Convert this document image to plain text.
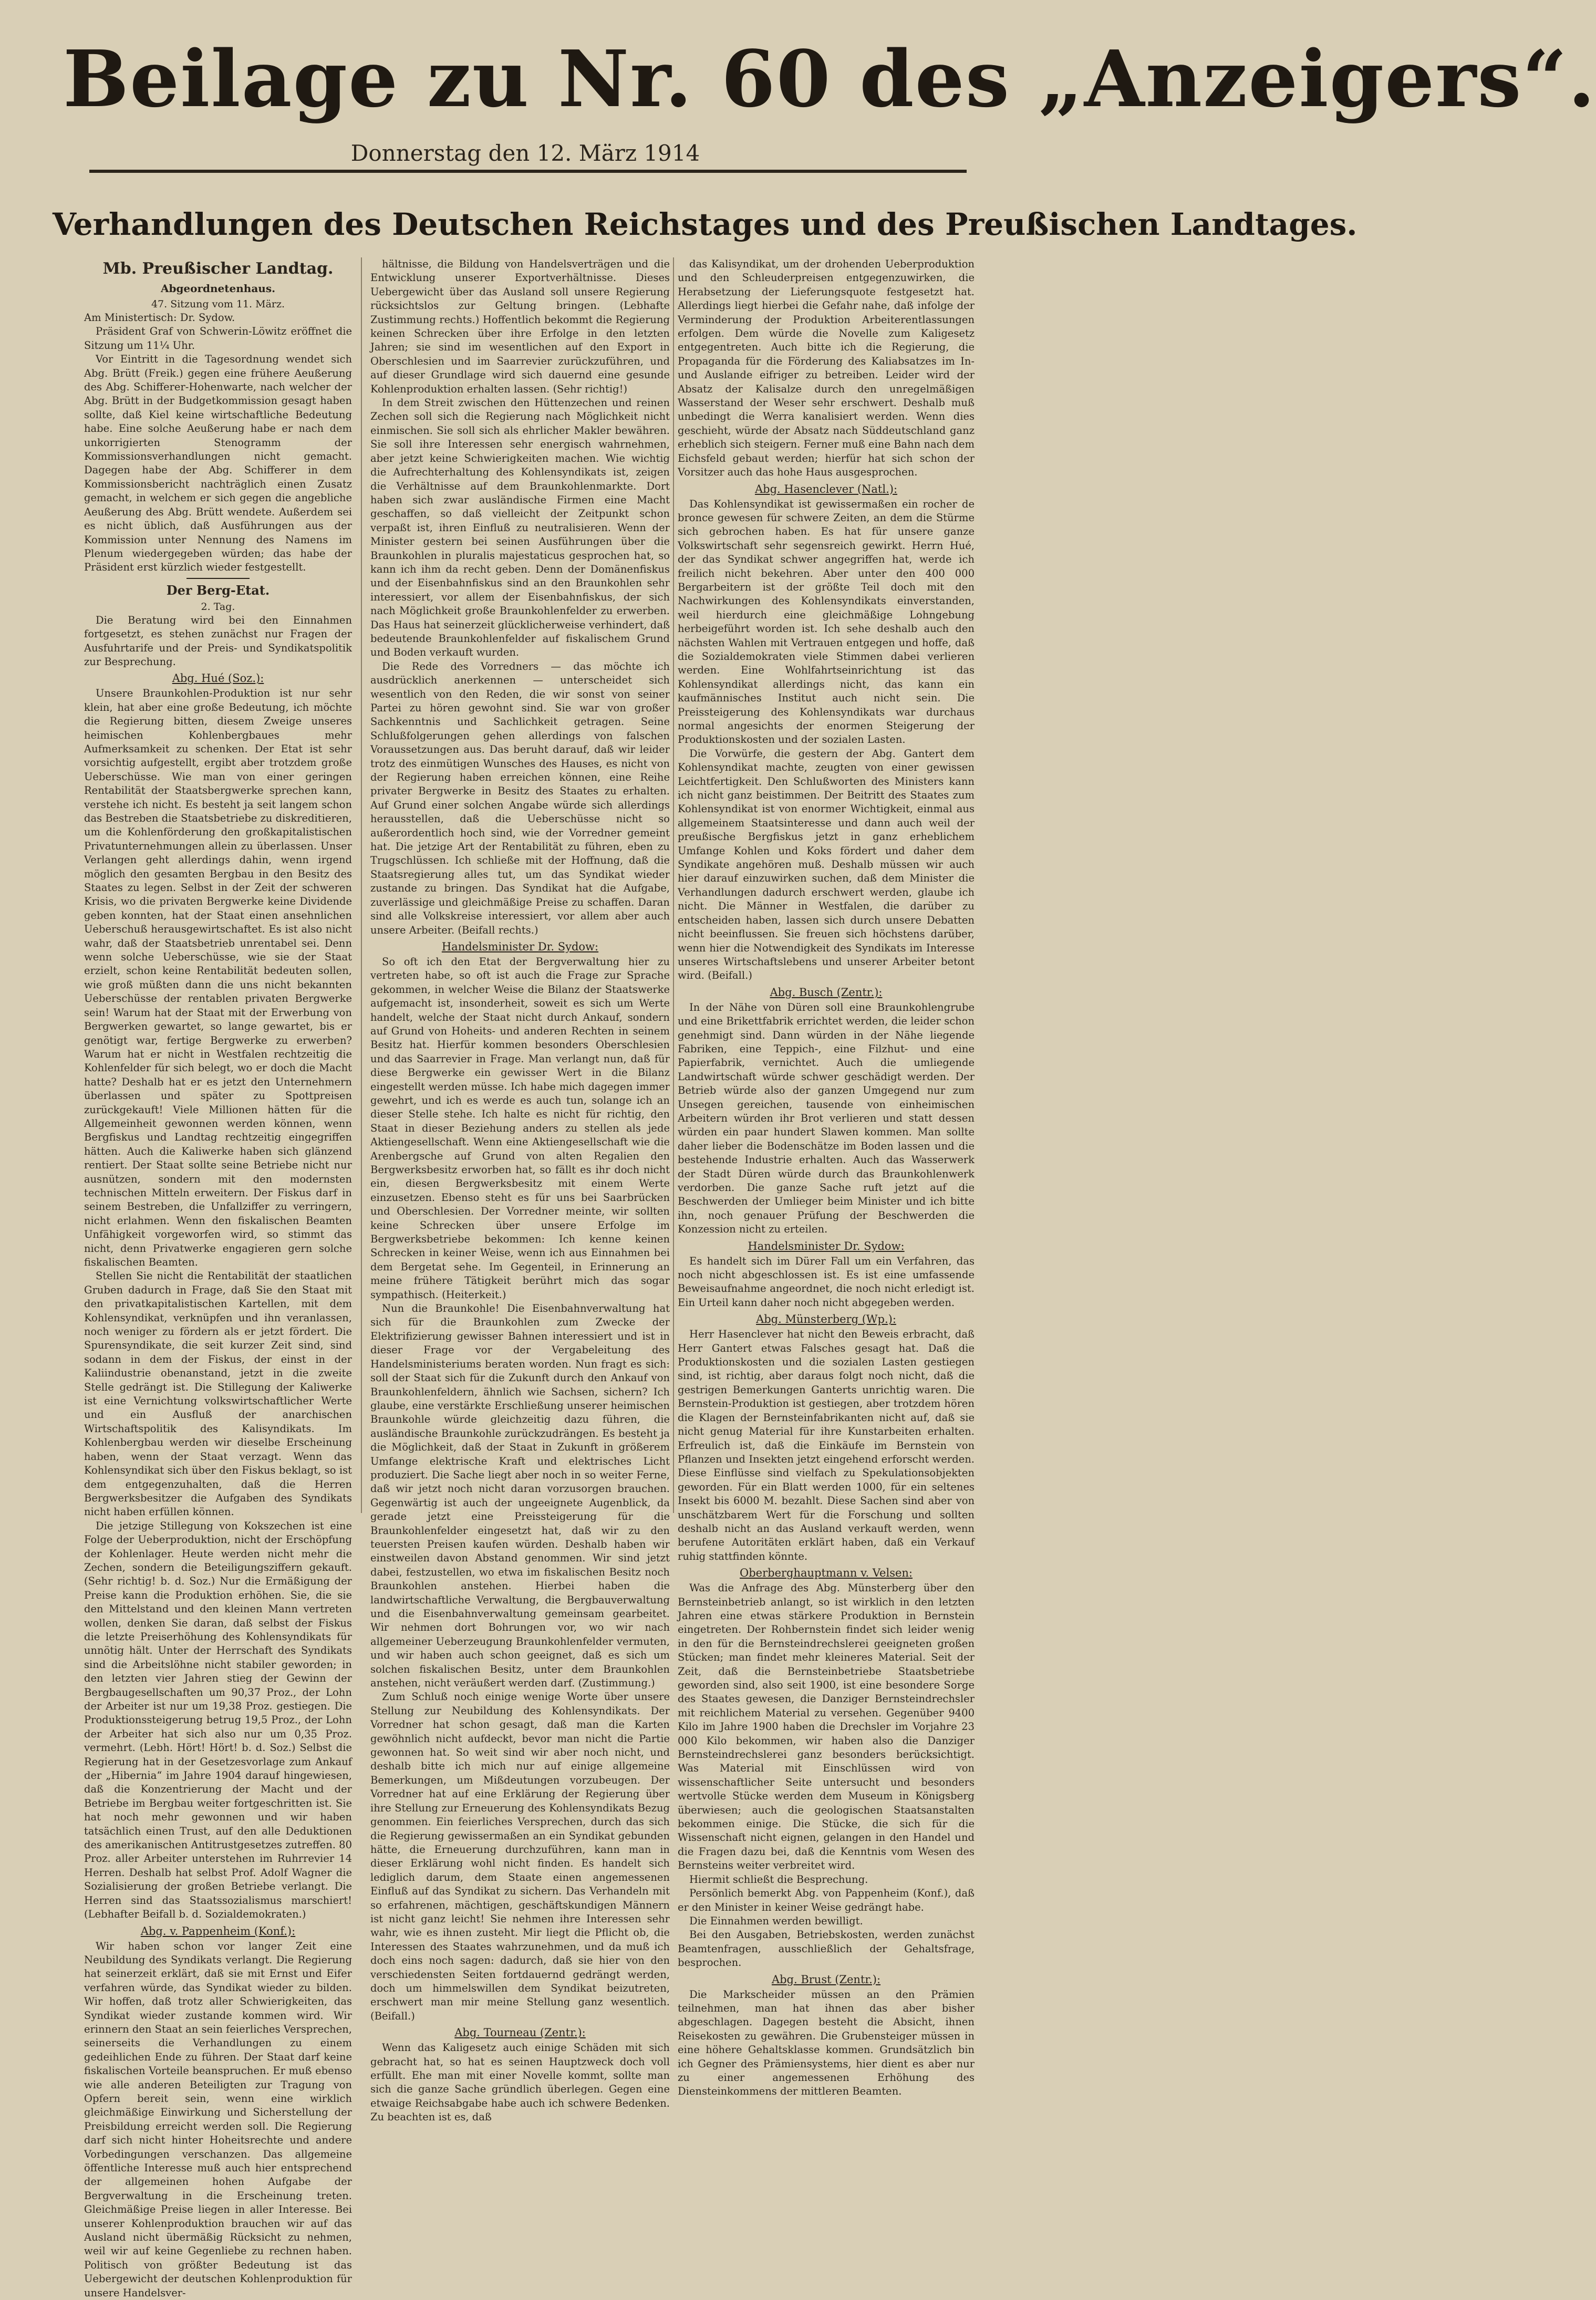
Beilage zu Nr. 60 des „Anzeigers“.
Donnerstag den 12. März 1914
Verhandlungen des Deutschen Reichstages und des Preußischen Landtages.
Mb. Preußischer Landtag.
Abgeordnetenhaus.
47. Sitzung vom 11. März.

Am Ministertisch: Dr. Sydow.

Präsident Graf von Schwerin-Löwitz eröffnet die Sitzung um 11¼ Uhr.

Vor Eintritt in die Tagesordnung wendet sich Abg. Brütt (Freik.) gegen eine frühere Aeußerung des Abg. Schifferer-Hohenwarte, nach welcher der Abg. Brütt in der Budgetkommission gesagt haben sollte, daß Kiel keine wirtschaftliche Bedeutung habe. Eine solche Aeußerung habe er nach dem unkorrigierten Stenogramm der Kommissionsverhandlungen nicht gemacht. Dagegen habe der Abg. Schifferer in dem Kommissionsbericht nachträglich einen Zusatz gemacht, in welchem er sich gegen die angebliche Aeußerung des Abg. Brütt wendete. Außerdem sei es nicht üblich, daß Ausführungen aus der Kommission unter Nennung des Namens im Plenum wiedergegeben würden; das habe der Präsident erst kürzlich wieder festgestellt.

Der Berg-Etat.
2. Tag.

Die Beratung wird bei den Einnahmen fortgesetzt, es stehen zunächst nur Fragen der Ausfuhrtarife und der Preis- und Syndikatspolitik zur Besprechung.

Abg. Hué (Soz.):

Unsere Braunkohlen-Produktion ist nur sehr klein, hat aber eine große Bedeutung, ich möchte die Regierung bitten, diesem Zweige unseres heimischen Kohlenbergbaues mehr Aufmerksamkeit zu schenken. Der Etat ist sehr vorsichtig aufgestellt, ergibt aber trotzdem große Ueberschüsse. Wie man von einer geringen Rentabilität der Staatsbergwerke sprechen kann, verstehe ich nicht. Es besteht ja seit langem schon das Bestreben die Staatsbetriebe zu diskreditieren, um die Kohlenförderung den großkapitalistischen Privatunternehmungen allein zu überlassen. Unser Verlangen geht allerdings dahin, wenn irgend möglich den gesamten Bergbau in den Besitz des Staates zu legen. Selbst in der Zeit der schweren Krisis, wo die privaten Bergwerke keine Dividende geben konnten, hat der Staat einen ansehnlichen Ueberschuß herausgewirtschaftet. Es ist also nicht wahr, daß der Staatsbetrieb unrentabel sei. Denn wenn solche Ueberschüsse, wie sie der Staat erzielt, schon keine Rentabilität bedeuten sollen, wie groß müßten dann die uns nicht bekannten Ueberschüsse der rentablen privaten Bergwerke sein! Warum hat der Staat mit der Erwerbung von Bergwerken gewartet, so lange gewartet, bis er genötigt war, fertige Bergwerke zu erwerben? Warum hat er nicht in Westfalen rechtzeitig die Kohlenfelder für sich belegt, wo er doch die Macht hatte? Deshalb hat er es jetzt den Unternehmern überlassen und später zu Spottpreisen zurückgekauft! Viele Millionen hätten für die Allgemeinheit gewonnen werden können, wenn Bergfiskus und Landtag rechtzeitig eingegriffen hätten. Auch die Kaliwerke haben sich glänzend rentiert. Der Staat sollte seine Betriebe nicht nur ausnützen, sondern mit den modernsten technischen Mitteln erweitern. Der Fiskus darf in seinem Bestreben, die Unfallziffer zu verringern, nicht erlahmen. Wenn den fiskalischen Beamten Unfähigkeit vorgeworfen wird, so stimmt das nicht, denn Privatwerke engagieren gern solche fiskalischen Beamten.

Stellen Sie nicht die Rentabilität der staatlichen Gruben dadurch in Frage, daß Sie den Staat mit den privatkapitalistischen Kartellen, mit dem Kohlensyndikat, verknüpfen und ihn veranlassen, noch weniger zu fördern als er jetzt fördert. Die Spurensyndikate, die seit kurzer Zeit sind, sind sodann in dem der Fiskus, der einst in der Kaliindustrie obenanstand, jetzt in die zweite Stelle gedrängt ist. Die Stillegung der Kaliwerke ist eine Vernichtung volkswirtschaftlicher Werte und ein Ausfluß der anarchischen Wirtschaftspolitik des Kalisyndikats. Im Kohlenbergbau werden wir dieselbe Erscheinung haben, wenn der Staat verzagt. Wenn das Kohlensyndikat sich über den Fiskus beklagt, so ist dem entgegenzuhalten, daß die Herren Bergwerksbesitzer die Aufgaben des Syndikats nicht haben erfüllen können.

Die jetzige Stillegung von Kokszechen ist eine Folge der Ueberproduktion, nicht der Erschöpfung der Kohlenlager. Heute werden nicht mehr die Zechen, sondern die Beteiligungsziffern gekauft. (Sehr richtig! b. d. Soz.) Nur die Ermäßigung der Preise kann die Produktion erhöhen. Sie, die sie den Mittelstand und den kleinen Mann vertreten wollen, denken Sie daran, daß selbst der Fiskus die letzte Preiserhöhung des Kohlensyndikats für unnötig hält. Unter der Herrschaft des Syndikats sind die Arbeitslöhne nicht stabiler geworden; in den letzten vier Jahren stieg der Gewinn der Bergbaugesellschaften um 90,37 Proz., der Lohn der Arbeiter ist nur um 19,38 Proz. gestiegen. Die Produktionssteigerung betrug 19,5 Proz., der Lohn der Arbeiter hat sich also nur um 0,35 Proz. vermehrt. (Lebh. Hört! Hört! b. d. Soz.) Selbst die Regierung hat in der Gesetzesvorlage zum Ankauf der „Hibernia“ im Jahre 1904 darauf hingewiesen, daß die Konzentrierung der Macht und der Betriebe im Bergbau weiter fortgeschritten ist. Sie hat noch mehr gewonnen und wir haben tatsächlich einen Trust, auf den alle Deduktionen des amerikanischen Antitrustgesetzes zutreffen. 80 Proz. aller Arbeiter unterstehen im Ruhrrevier 14 Herren. Deshalb hat selbst Prof. Adolf Wagner die Sozialisierung der großen Betriebe verlangt. Die Herren sind das Staatssozialismus marschiert! (Lebhafter Beifall b. d. Sozialdemokraten.)

Abg. v. Pappenheim (Konf.):

Wir haben schon vor langer Zeit eine Neubildung des Syndikats verlangt. Die Regierung hat seinerzeit erklärt, daß sie mit Ernst und Eifer verfahren würde, das Syndikat wieder zu bilden. Wir hoffen, daß trotz aller Schwierigkeiten, das Syndikat wieder zustande kommen wird. Wir erinnern den Staat an sein feierliches Versprechen, seinerseits die Verhandlungen zu einem gedeihlichen Ende zu führen. Der Staat darf keine fiskalischen Vorteile beanspruchen. Er muß ebenso wie alle anderen Beteiligten zur Tragung von Opfern bereit sein, wenn eine wirklich gleichmäßige Einwirkung und Sicherstellung der Preisbildung erreicht werden soll. Die Regierung darf sich nicht hinter Hoheitsrechte und andere Vorbedingungen verschanzen. Das allgemeine öffentliche Interesse muß auch hier entsprechend der allgemeinen hohen Aufgabe der Bergverwaltung in die Erscheinung treten. Gleichmäßige Preise liegen in aller Interesse. Bei unserer Kohlenproduktion brauchen wir auf das Ausland nicht übermäßig Rücksicht zu nehmen, weil wir auf keine Gegenliebe zu rechnen haben. Politisch von größter Bedeutung ist das Uebergewicht der deutschen Kohlenproduktion für unsere Handelsver-

hältnisse, die Bildung von Handelsverträgen und die Entwicklung unserer Exportverhältnisse. Dieses Uebergewicht über das Ausland soll unsere Regierung rücksichtslos zur Geltung bringen. (Lebhafte Zustimmung rechts.) Hoffentlich bekommt die Regierung keinen Schrecken über ihre Erfolge in den letzten Jahren; sie sind im wesentlichen auf den Export in Oberschlesien und im Saarrevier zurückzuführen, und auf dieser Grundlage wird sich dauernd eine gesunde Kohlenproduktion erhalten lassen. (Sehr richtig!)

In dem Streit zwischen den Hüttenzechen und reinen Zechen soll sich die Regierung nach Möglichkeit nicht einmischen. Sie soll sich als ehrlicher Makler bewähren. Sie soll ihre Interessen sehr energisch wahrnehmen, aber jetzt keine Schwierigkeiten machen. Wie wichtig die Aufrechterhaltung des Kohlensyndikats ist, zeigen die Verhältnisse auf dem Braunkohlenmarkte. Dort haben sich zwar ausländische Firmen eine Macht geschaffen, so daß vielleicht der Zeitpunkt schon verpaßt ist, ihren Einfluß zu neutralisieren. Wenn der Minister gestern bei seinen Ausführungen über die Braunkohlen in pluralis majestaticus gesprochen hat, so kann ich ihm da recht geben. Denn der Domänenfiskus und der Eisenbahnfiskus sind an den Braunkohlen sehr interessiert, vor allem der Eisenbahnfiskus, der sich nach Möglichkeit große Braunkohlenfelder zu erwerben. Das Haus hat seinerzeit glücklicherweise verhindert, daß bedeutende Braunkohlenfelder auf fiskalischem Grund und Boden verkauft wurden.

Die Rede des Vorredners — das möchte ich ausdrücklich anerkennen — unterscheidet sich wesentlich von den Reden, die wir sonst von seiner Partei zu hören gewohnt sind. Sie war von großer Sachkenntnis und Sachlichkeit getragen. Seine Schlußfolgerungen gehen allerdings von falschen Voraussetzungen aus. Das beruht darauf, daß wir leider trotz des einmütigen Wunsches des Hauses, es nicht von der Regierung haben erreichen können, eine Reihe privater Bergwerke in Besitz des Staates zu erhalten. Auf Grund einer solchen Angabe würde sich allerdings herausstellen, daß die Ueberschüsse nicht so außerordentlich hoch sind, wie der Vorredner gemeint hat. Die jetzige Art der Rentabilität zu führen, eben zu Trugschlüssen. Ich schließe mit der Hoffnung, daß die Staatsregierung alles tut, um das Syndikat wieder zustande zu bringen. Das Syndikat hat die Aufgabe, zuverlässige und gleichmäßige Preise zu schaffen. Daran sind alle Volkskreise interessiert, vor allem aber auch unsere Arbeiter. (Beifall rechts.)

Handelsminister Dr. Sydow:

So oft ich den Etat der Bergverwaltung hier zu vertreten habe, so oft ist auch die Frage zur Sprache gekommen, in welcher Weise die Bilanz der Staatswerke aufgemacht ist, insonderheit, soweit es sich um Werte handelt, welche der Staat nicht durch Ankauf, sondern auf Grund von Hoheits- und anderen Rechten in seinem Besitz hat. Hierfür kommen besonders Oberschlesien und das Saarrevier in Frage. Man verlangt nun, daß für diese Bergwerke ein gewisser Wert in die Bilanz eingestellt werden müsse. Ich habe mich dagegen immer gewehrt, und ich es werde es auch tun, solange ich an dieser Stelle stehe. Ich halte es nicht für richtig, den Staat in dieser Beziehung anders zu stellen als jede Aktiengesellschaft. Wenn eine Aktiengesellschaft wie die Arenbergsche auf Grund von alten Regalien den Bergwerksbesitz erworben hat, so fällt es ihr doch nicht ein, diesen Bergwerksbesitz mit einem Werte einzusetzen. Ebenso steht es für uns bei Saarbrücken und Oberschlesien. Der Vorredner meinte, wir sollten keine Schrecken über unsere Erfolge im Bergwerksbetriebe bekommen: Ich kenne keinen Schrecken in keiner Weise, wenn ich aus Einnahmen bei dem Bergetat sehe. Im Gegenteil, in Erinnerung an meine frühere Tätigkeit berührt mich das sogar sympathisch. (Heiterkeit.)

Nun die Braunkohle! Die Eisenbahnverwaltung hat sich für die Braunkohlen zum Zwecke der Elektrifizierung gewisser Bahnen interessiert und ist in dieser Frage vor der Vergabeleitung des Handelsministeriums beraten worden. Nun fragt es sich: soll der Staat sich für die Zukunft durch den Ankauf von Braunkohlenfeldern, ähnlich wie Sachsen, sichern? Ich glaube, eine verstärkte Erschließung unserer heimischen Braunkohle würde gleichzeitig dazu führen, die ausländische Braunkohle zurückzudrängen. Es besteht ja die Möglichkeit, daß der Staat in Zukunft in größerem Umfange elektrische Kraft und elektrisches Licht produziert. Die Sache liegt aber noch in so weiter Ferne, daß wir jetzt noch nicht daran vorzusorgen brauchen. Gegenwärtig ist auch der ungeeignete Augenblick, da gerade jetzt eine Preissteigerung für die Braunkohlenfelder eingesetzt hat, daß wir zu den teuersten Preisen kaufen würden. Deshalb haben wir einstweilen davon Abstand genommen. Wir sind jetzt dabei, festzustellen, wo etwa im fiskalischen Besitz noch Braunkohlen anstehen. Hierbei haben die landwirtschaftliche Verwaltung, die Bergbauverwaltung und die Eisenbahnverwaltung gemeinsam gearbeitet. Wir nehmen dort Bohrungen vor, wo wir nach allgemeiner Ueberzeugung Braunkohlenfelder vermuten, und wir haben auch schon geeignet, daß es sich um solchen fiskalischen Besitz, unter dem Braunkohlen anstehen, nicht veräußert werden darf. (Zustimmung.)

Zum Schluß noch einige wenige Worte über unsere Stellung zur Neubildung des Kohlensyndikats. Der Vorredner hat schon gesagt, daß man die Karten gewöhnlich nicht aufdeckt, bevor man nicht die Partie gewonnen hat. So weit sind wir aber noch nicht, und deshalb bitte ich mich nur auf einige allgemeine Bemerkungen, um Mißdeutungen vorzubeugen. Der Vorredner hat auf eine Erklärung der Regierung über ihre Stellung zur Erneuerung des Kohlensyndikats Bezug genommen. Ein feierliches Versprechen, durch das sich die Regierung gewissermaßen an ein Syndikat gebunden hätte, die Erneuerung durchzuführen, kann man in dieser Erklärung wohl nicht finden. Es handelt sich lediglich darum, dem Staate einen angemessenen Einfluß auf das Syndikat zu sichern. Das Verhandeln mit so erfahrenen, mächtigen, geschäftskundigen Männern ist nicht ganz leicht! Sie nehmen ihre Interessen sehr wahr, wie es ihnen zusteht. Mir liegt die Pflicht ob, die Interessen des Staates wahrzunehmen, und da muß ich doch eins noch sagen: dadurch, daß sie hier von den verschiedensten Seiten fortdauernd gedrängt werden, doch um himmelswillen dem Syndikat beizutreten, erschwert man mir meine Stellung ganz wesentlich. (Beifall.)

Abg. Tourneau (Zentr.):

Wenn das Kaligesetz auch einige Schäden mit sich gebracht hat, so hat es seinen Hauptzweck doch voll erfüllt. Ehe man mit einer Novelle kommt, sollte man sich die ganze Sache gründlich überlegen. Gegen eine etwaige Reichsabgabe habe auch ich schwere Bedenken. Zu beachten ist es, daß

das Kalisyndikat, um der drohenden Ueberproduktion und den Schleuderpreisen entgegenzuwirken, die Herabsetzung der Lieferungsquote festgesetzt hat. Allerdings liegt hierbei die Gefahr nahe, daß infolge der Verminderung der Produktion Arbeiterentlassungen erfolgen. Dem würde die Novelle zum Kaligesetz entgegentreten. Auch bitte ich die Regierung, die Propaganda für die Förderung des Kaliabsatzes im In- und Auslande eifriger zu betreiben. Leider wird der Absatz der Kalisalze durch den unregelmäßigen Wasserstand der Weser sehr erschwert. Deshalb muß unbedingt die Werra kanalisiert werden. Wenn dies geschieht, würde der Absatz nach Süddeutschland ganz erheblich sich steigern. Ferner muß eine Bahn nach dem Eichsfeld gebaut werden; hierfür hat sich schon der Vorsitzer auch das hohe Haus ausgesprochen.

Abg. Hasenclever (Natl.):

Das Kohlensyndikat ist gewissermaßen ein rocher de bronce gewesen für schwere Zeiten, an dem die Stürme sich gebrochen haben. Es hat für unsere ganze Volkswirtschaft sehr segensreich gewirkt. Herrn Hué, der das Syndikat schwer angegriffen hat, werde ich freilich nicht bekehren. Aber unter den 400 000 Bergarbeitern ist der größte Teil doch mit den Nachwirkungen des Kohlensyndikats einverstanden, weil hierdurch eine gleichmäßige Lohngebung herbeigeführt worden ist. Ich sehe deshalb auch den nächsten Wahlen mit Vertrauen entgegen und hoffe, daß die Sozialdemokraten viele Stimmen dabei verlieren werden. Eine Wohlfahrtseinrichtung ist das Kohlensyndikat allerdings nicht, das kann ein kaufmännisches Institut auch nicht sein. Die Preissteigerung des Kohlensyndikats war durchaus normal angesichts der enormen Steigerung der Produktionskosten und der sozialen Lasten.

Die Vorwürfe, die gestern der Abg. Gantert dem Kohlensyndikat machte, zeugten von einer gewissen Leichtfertigkeit. Den Schlußworten des Ministers kann ich nicht ganz beistimmen. Der Beitritt des Staates zum Kohlensyndikat ist von enormer Wichtigkeit, einmal aus allgemeinem Staatsinteresse und dann auch weil der preußische Bergfiskus jetzt in ganz erheblichem Umfange Kohlen und Koks fördert und daher dem Syndikate angehören muß. Deshalb müssen wir auch hier darauf einzuwirken suchen, daß dem Minister die Verhandlungen dadurch erschwert werden, glaube ich nicht. Die Männer in Westfalen, die darüber zu entscheiden haben, lassen sich durch unsere Debatten nicht beeinflussen. Sie freuen sich höchstens darüber, wenn hier die Notwendigkeit des Syndikats im Interesse unseres Wirtschaftslebens und unserer Arbeiter betont wird. (Beifall.)

Abg. Busch (Zentr.):

In der Nähe von Düren soll eine Braunkohlengrube und eine Brikettfabrik errichtet werden, die leider schon genehmigt sind. Dann würden in der Nähe liegende Fabriken, eine Teppich-, eine Filzhut- und eine Papierfabrik, vernichtet. Auch die umliegende Landwirtschaft würde schwer geschädigt werden. Der Betrieb würde also der ganzen Umgegend nur zum Unsegen gereichen, tausende von einheimischen Arbeitern würden ihr Brot verlieren und statt dessen würden ein paar hundert Slawen kommen. Man sollte daher lieber die Bodenschätze im Boden lassen und die bestehende Industrie erhalten. Auch das Wasserwerk der Stadt Düren würde durch das Braunkohlenwerk verdorben. Die ganze Sache ruft jetzt auf die Beschwerden der Umlieger beim Minister und ich bitte ihn, noch genauer Prüfung der Beschwerden die Konzession nicht zu erteilen.

Handelsminister Dr. Sydow:

Es handelt sich im Dürer Fall um ein Verfahren, das noch nicht abgeschlossen ist. Es ist eine umfassende Beweisaufnahme angeordnet, die noch nicht erledigt ist. Ein Urteil kann daher noch nicht abgegeben werden.

Abg. Münsterberg (Wp.):

Herr Hasenclever hat nicht den Beweis erbracht, daß Herr Gantert etwas Falsches gesagt hat. Daß die Produktionskosten und die sozialen Lasten gestiegen sind, ist richtig, aber daraus folgt noch nicht, daß die gestrigen Bemerkungen Ganterts unrichtig waren. Die Bernstein-Produktion ist gestiegen, aber trotzdem hören die Klagen der Bernsteinfabrikanten nicht auf, daß sie nicht genug Material für ihre Kunstarbeiten erhalten. Erfreulich ist, daß die Einkäufe im Bernstein von Pflanzen und Insekten jetzt eingehend erforscht werden. Diese Einflüsse sind vielfach zu Spekulationsobjekten geworden. Für ein Blatt werden 1000, für ein seltenes Insekt bis 6000 M. bezahlt. Diese Sachen sind aber von unschätzbarem Wert für die Forschung und sollten deshalb nicht an das Ausland verkauft werden, wenn berufene Autoritäten erklärt haben, daß ein Verkauf ruhig stattfinden könnte.

Oberberghauptmann v. Velsen:

Was die Anfrage des Abg. Münsterberg über den Bernsteinbetrieb anlangt, so ist wirklich in den letzten Jahren eine etwas stärkere Produktion in Bernstein eingetreten. Der Rohbernstein findet sich leider wenig in den für die Bernsteindrechslerei geeigneten großen Stücken; man findet mehr kleineres Material. Seit der Zeit, daß die Bernsteinbetriebe Staatsbetriebe geworden sind, also seit 1900, ist eine besondere Sorge des Staates gewesen, die Danziger Bernsteindrechsler mit reichlichem Material zu versehen. Gegenüber 9400 Kilo im Jahre 1900 haben die Drechsler im Vorjahre 23 000 Kilo bekommen, wir haben also die Danziger Bernsteindrechslerei ganz besonders berücksichtigt. Was Material mit Einschlüssen wird von wissenschaftlicher Seite untersucht und besonders wertvolle Stücke werden dem Museum in Königsberg überwiesen; auch die geologischen Staatsanstalten bekommen einige. Die Stücke, die sich für die Wissenschaft nicht eignen, gelangen in den Handel und die Fragen dazu bei, daß die Kenntnis vom Wesen des Bernsteins weiter verbreitet wird.

Hiermit schließt die Besprechung.

Persönlich bemerkt Abg. von Pappenheim (Konf.), daß er den Minister in keiner Weise gedrängt habe.

Die Einnahmen werden bewilligt.

Bei den Ausgaben, Betriebskosten, werden zunächst Beamtenfragen, ausschließlich der Gehaltsfrage, besprochen.

Abg. Brust (Zentr.):

Die Markscheider müssen an den Prämien teilnehmen, man hat ihnen das aber bisher abgeschlagen. Dagegen besteht die Absicht, ihnen Reisekosten zu gewähren. Die Grubensteiger müssen in eine höhere Gehaltsklasse kommen. Grundsätzlich bin ich Gegner des Prämiensystems, hier dient es aber nur zu einer angemessenen Erhöhung des Diensteinkommens der mittleren Beamten.
